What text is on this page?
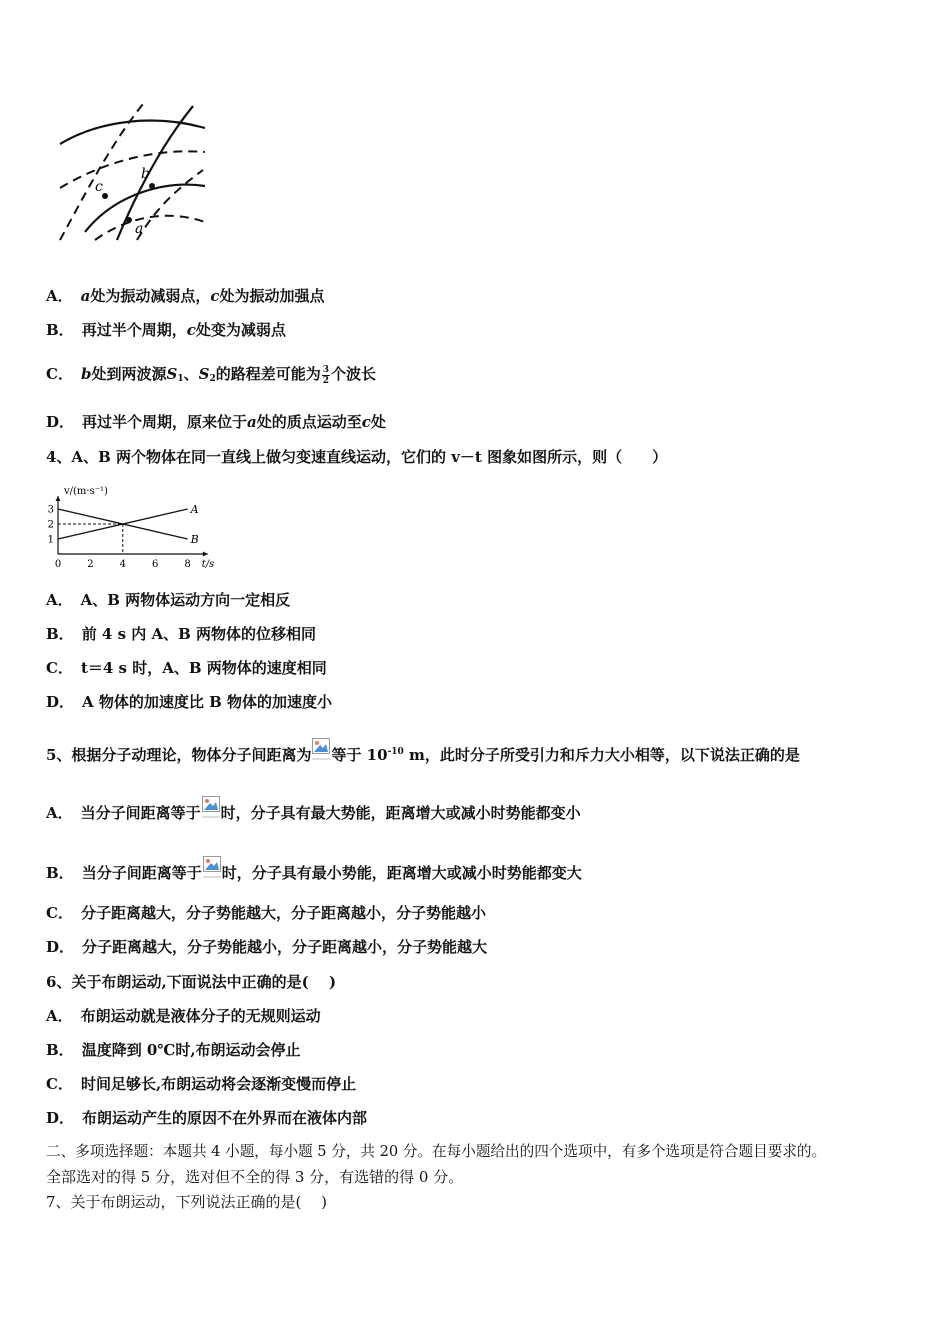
a
b
c
A． a处为振动减弱点，c处为振动加强点
B． 再过半个周期，c处变为减弱点
C． b处到两波源$S_1$、$S_2$的路程差可能为 $\frac{3}{2}$ 个波长
D． 再过半个周期，原来位于a处的质点运动至c处
4、A、B 两个物体在同一直线上做匀变速直线运动，它们的 v－t 图象如图所示，则（　　）
0	2	4	6	8
1
2
3	A
B
v/(m·s⁻¹)
t/s
A． A、B 两物体运动方向一定相反
B． 前 4 s 内 A、B 两物体的位移相同
C． t＝4 s 时，A、B 两物体的速度相同
D． A 物体的加速度比 B 物体的加速度小
5、根据分子动理论，物体分子间距离为 等于 $10^{-10}$ m，此时分子所受引力和斥力大小相等，以下说法正确的是
A． 当分子间距离等于 时，分子具有最大势能，距离增大或减小时势能都变小
B． 当分子间距离等于 时，分子具有最小势能，距离增大或减小时势能都变大
C． 分子距离越大，分子势能越大，分子距离越小，分子势能越小
D． 分子距离越大，分子势能越小，分子距离越小，分子势能越大
6、关于布朗运动,下面说法中正确的是(　 )
A． 布朗运动就是液体分子的无规则运动
B． 温度降到 0℃时,布朗运动会停止
C． 时间足够长,布朗运动将会逐渐变慢而停止
D． 布朗运动产生的原因不在外界而在液体内部
二、多项选择题：本题共 4 小题，每小题 5 分，共 20 分。在每小题给出的四个选项中，有多个选项是符合题目要求的。
全部选对的得 5 分，选对但不全的得 3 分，有选错的得 0 分。
7、关于布朗运动，下列说法正确的是(　 )
